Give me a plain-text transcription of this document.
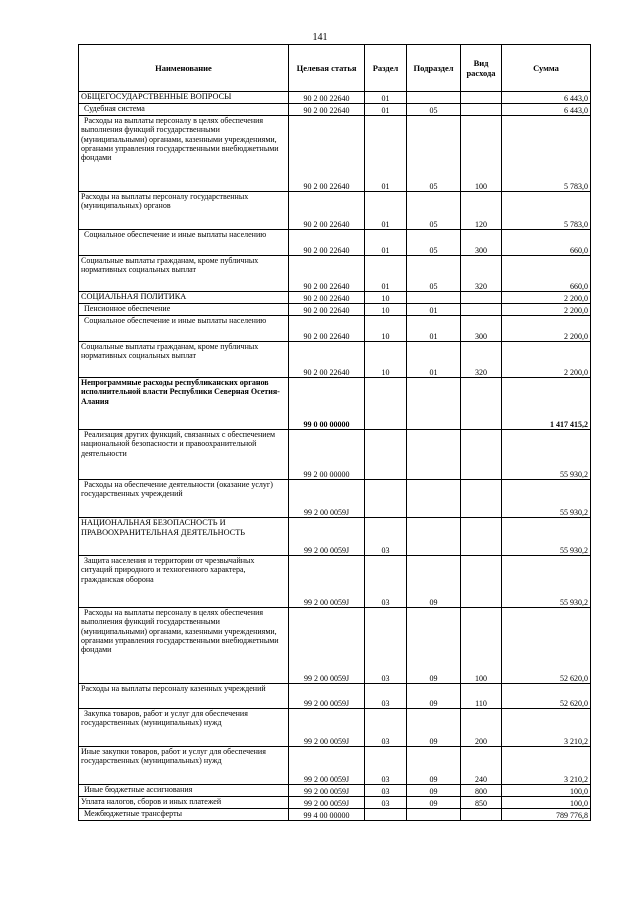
141
Наименование	Целевая статья	Раздел	Подраздел	Вид расхода	Сумма
ОБЩЕГОСУДАРСТВЕННЫЕ ВОПРОСЫ	90 2 00 22640	01			6 443,0
Судебная система	90 2 00 22640	01	05		6 443,0
Расходы на выплаты персоналу в целях обеспечения выполнения функций государственными (муниципальными) органами, казенными учреждениями, органами управления государственными внебюджетными фондами	90 2 00 22640	01	05	100	5 783,0
Расходы на выплаты персоналу государственных (муниципальных) органов	90 2 00 22640	01	05	120	5 783,0
Социальное обеспечение и иные выплаты населению	90 2 00 22640	01	05	300	660,0
Социальные выплаты гражданам, кроме публичных нормативных социальных выплат	90 2 00 22640	01	05	320	660,0
СОЦИАЛЬНАЯ ПОЛИТИКА	90 2 00 22640	10			2 200,0
Пенсионное обеспечение	90 2 00 22640	10	01		2 200,0
Социальное обеспечение и иные выплаты населению	90 2 00 22640	10	01	300	2 200,0
Социальные выплаты гражданам, кроме публичных нормативных социальных выплат	90 2 00 22640	10	01	320	2 200,0
Непрограммные расходы республиканских органов исполнительной власти Республики Северная Осетия-Алания	99 0 00 00000				1 417 415,2
Реализация других функций, связанных с обеспечением национальной безопасности и правоохранительной деятельности	99 2 00 00000				55 930,2
Расходы на обеспечение деятельности (оказание услуг) государственных учреждений	99 2 00 0059J				55 930,2
НАЦИОНАЛЬНАЯ БЕЗОПАСНОСТЬ И ПРАВООХРАНИТЕЛЬНАЯ ДЕЯТЕЛЬНОСТЬ	99 2 00 0059J	03			55 930,2
Защита населения и территории от чрезвычайных ситуаций природного и техногенного характера, гражданская оборона	99 2 00 0059J	03	09		55 930,2
Расходы на выплаты персоналу в целях обеспечения выполнения функций государственными (муниципальными) органами, казенными учреждениями, органами управления государственными внебюджетными фондами	99 2 00 0059J	03	09	100	52 620,0
Расходы на выплаты персоналу казенных учреждений	99 2 00 0059J	03	09	110	52 620,0
Закупка товаров, работ и услуг для обеспечения государственных (муниципальных) нужд	99 2 00 0059J	03	09	200	3 210,2
Иные закупки товаров, работ и услуг для обеспечения государственных (муниципальных) нужд	99 2 00 0059J	03	09	240	3 210,2
Иные бюджетные ассигнования	99 2 00 0059J	03	09	800	100,0
Уплата налогов, сборов и иных платежей	99 2 00 0059J	03	09	850	100,0
Межбюджетные трансферты	99 4 00 00000				789 776,8
